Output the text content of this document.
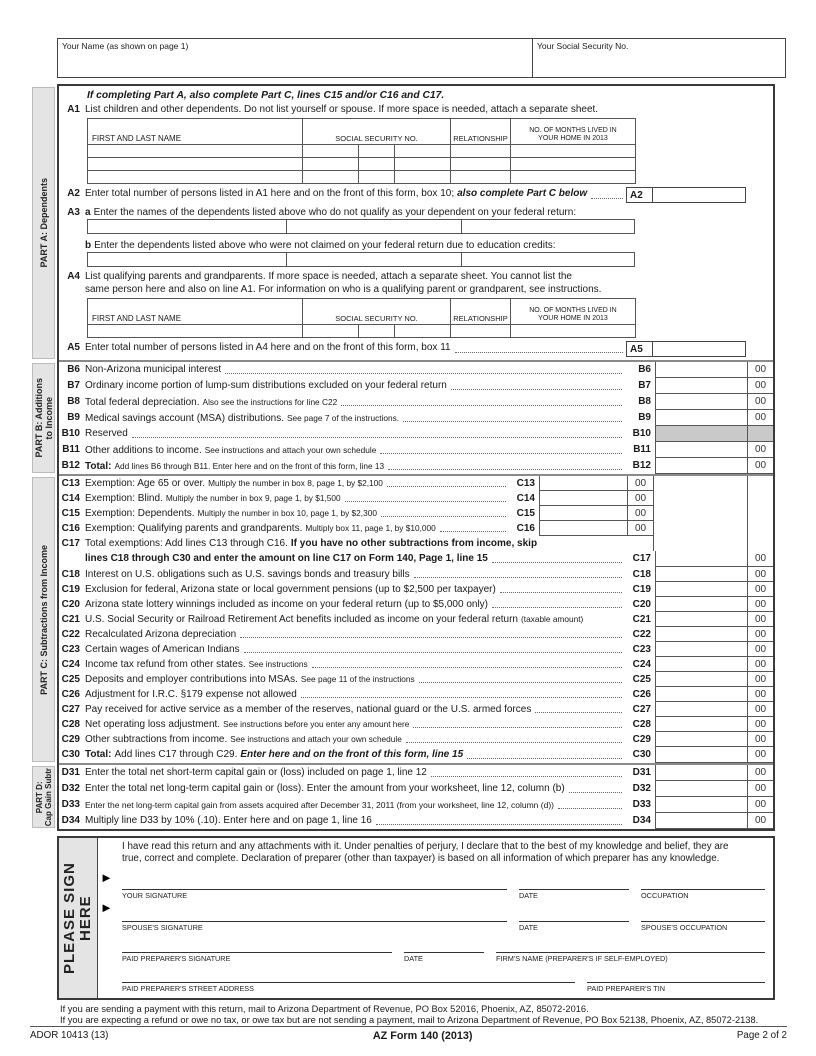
Your Name (as shown on page 1)	Your Social Security No.
PART A: Dependents
If completing Part A, also complete Part C, lines C15 and/or C16 and C17.
A1 List children and other dependents. Do not list yourself or spouse. If more space is needed, attach a separate sheet.
FIRST AND LAST NAME	SOCIAL SECURITY NO.			RELATIONSHIP	NO. OF MONTHS LIVED IN
YOUR HOME IN 2013

A2 Enter total number of persons listed in A1 here and on the front of this form, box 10; also complete Part C below	A2
A3 a Enter the names of the dependents listed above who do not qualify as your dependent on your federal return:
b Enter the dependents listed above who were not claimed on your federal return due to education credits:
A4 List qualifying parents and grandparents. If more space is needed, attach a separate sheet. You cannot list the
same person here and also on line A1. For information on who is a qualifying parent or grandparent, see instructions.
FIRST AND LAST NAME	SOCIAL SECURITY NO.			RELATIONSHIP	NO. OF MONTHS LIVED IN
YOUR HOME IN 2013

A5 Enter total number of persons listed in A4 here and on the front of this form, box 11	A5
PART B: Additions to Income
B6 Non-Arizona municipal interest	B6	00
B7 Ordinary income portion of lump-sum distributions excluded on your federal return	B7	00
B8 Total federal depreciation. Also see the instructions for line C22	B8	00
B9 Medical savings account (MSA) distributions. See page 7 of the instructions.	B9	00
B10 Reserved	B10
B11 Other additions to income. See instructions and attach your own schedule	B11	00
B12 Total: Add lines B6 through B11. Enter here and on the front of this form, line 13	B12	00
PART C: Subtractions from Income
C13 Exemption: Age 65 or over. Multiply the number in box 8, page 1, by $2,100	C13	00
C14 Exemption: Blind. Multiply the number in box 9, page 1, by $1,500	C14	00
C15 Exemption: Dependents. Multiply the number in box 10, page 1, by $2,300	C15	00
C16 Exemption: Qualifying parents and grandparents. Multiply box 11, page 1, by $10,000	C16	00
C17 Total exemptions: Add lines C13 through C16. If you have no other subtractions from income, skip
lines C18 through C30 and enter the amount on line C17 on Form 140, Page 1, line 15	C17	00
C18 Interest on U.S. obligations such as U.S. savings bonds and treasury bills	C18	00
C19 Exclusion for federal, Arizona state or local government pensions (up to $2,500 per taxpayer)	C19	00
C20 Arizona state lottery winnings included as income on your federal return (up to $5,000 only)	C20	00
C21 U.S. Social Security or Railroad Retirement Act benefits included as income on your federal return (taxable amount)	C21	00
C22 Recalculated Arizona depreciation	C22	00
C23 Certain wages of American Indians	C23	00
C24 Income tax refund from other states. See instructions	C24	00
C25 Deposits and employer contributions into MSAs. See page 11 of the instructions	C25	00
C26 Adjustment for I.R.C. §179 expense not allowed	C26	00
C27 Pay received for active service as a member of the reserves, national guard or the U.S. armed forces	C27	00
C28 Net operating loss adjustment. See instructions before you enter any amount here	C28	00
C29 Other subtractions from income. See instructions and attach your own schedule	C29	00
C30 Total: Add lines C17 through C29. Enter here and on the front of this form, line 15	C30	00
PART D: Cap Gain Subtr D31 Enter the total net short-term capital gain or (loss) included on page 1, line 12	D31	00
D32 Enter the total net long-term capital gain or (loss). Enter the amount from your worksheet, line 12, column (b)	D32	00
D33 Enter the net long-term capital gain from assets acquired after December 31, 2011 (from your worksheet, line 12, column (d))	D33	00
D34 Multiply line D33 by 10% (.10). Enter here and on page 1, line 16	D34	00
PLEASE SIGN HERE
►
►
I have read this return and any attachments with it. Under penalties of perjury, I declare that to the best of my knowledge and belief, they are
true, correct and complete. Declaration of preparer (other than taxpayer) is based on all information of which preparer has any knowledge.
YOUR SIGNATURE	DATE	OCCUPATION
SPOUSE'S SIGNATURE	DATE	SPOUSE'S OCCUPATION
PAID PREPARER'S SIGNATURE	DATE	FIRM'S NAME (PREPARER'S IF SELF-EMPLOYED)
PAID PREPARER'S STREET ADDRESS	PAID PREPARER'S TIN
If you are sending a payment with this return, mail to Arizona Department of Revenue, PO Box 52016, Phoenix, AZ, 85072-2016.
If you are expecting a refund or owe no tax, or owe tax but are not sending a payment, mail to Arizona Department of Revenue, PO Box 52138, Phoenix, AZ, 85072-2138.
ADOR 10413 (13)	AZ Form 140 (2013)	Page 2 of 2
